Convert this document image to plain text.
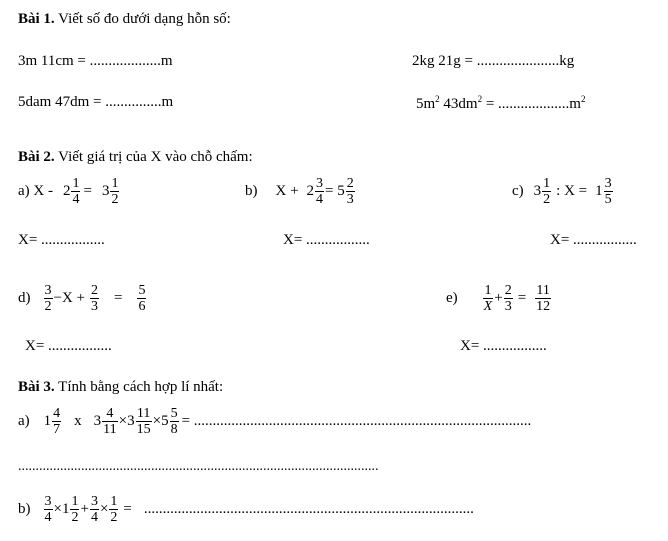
Bài 1. Viết số đo dưới dạng hỗn số:
3m 11cm = ...................m	2kg 21g = ......................kg
5dam 47dm = ...............m	$5m^2$ $43dm^2 = ...................m^2$
Bài 2. Viết giá trị của X vào chỗ chấm:
a) $X - 2 \frac{1}{4} = 3 \frac{1}{2}$	b) $X + 2 \frac{3}{4} = 5 \frac{2}{3}$	c) $3 \frac{1}{2}$ : $X = 1 \frac{3}{5}$
X= .................	X= .................	X= .................
$d) \frac{3}{2} -X + \frac{2}{3} = \frac{5}{6}$	$e) \frac{1}{X} + \frac{2}{3} = \frac{11}{12}$
X= .................	X= .................
Bài 3. Tính bằng cách hợp lí nhất:
a) $1 \frac{4}{7}$ x $3 \frac{4}{11} \times 3 \frac{11}{15} \times 5 \frac{5}{8}$ = ..........................................................................................
.......................................................................................................
$b) \frac{3}{4} \times 1 \frac{1}{2} + \frac{3}{4} \times \frac{1}{2}$ = ........................................................................................
